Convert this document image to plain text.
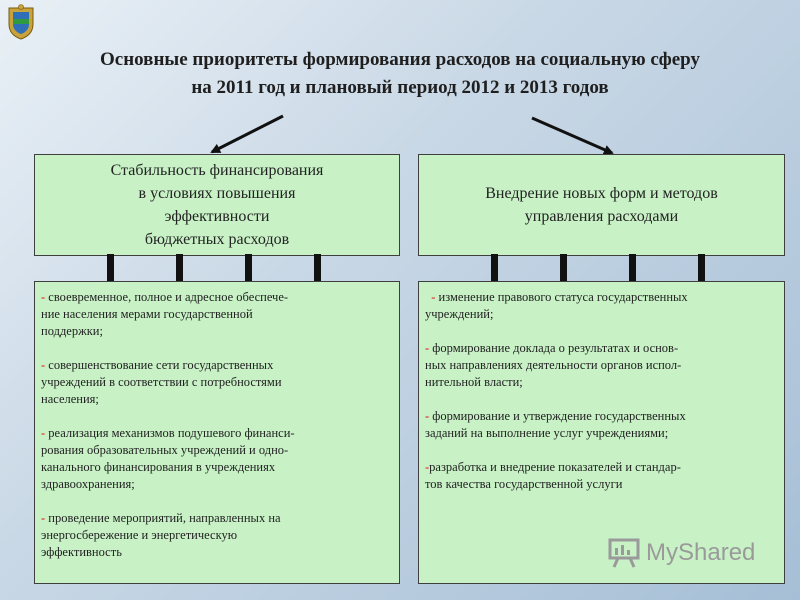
Основные приоритеты формирования расходов на социальную сферу
на 2011 год и плановый период 2012 и 2013 годов
Стабильность финансирования
в условиях повышения
эффективности
бюджетных расходов
Внедрение новых форм и методов
управления расходами
- своевременное, полное и адресное обеспече-
ние населения мерами государственной
поддержки;
- совершенствование сети государственных
учреждений в соответствии с потребностями
населения;
- реализация механизмов подушевого финанси-
рования образовательных учреждений и одно-
канального финансирования в учреждениях
здравоохранения;
- проведение мероприятий, направленных на
энергосбережение и энергетическую
эффективность
- изменение правового статуса государственных
учреждений;
- формирование доклада о результатах и основ-
ных направлениях деятельности органов испол-
нительной власти;
- формирование и утверждение государственных
заданий на выполнение услуг учреждениями;
-разработка и внедрение показателей и стандар-
тов качества государственной услуги
MyShared
